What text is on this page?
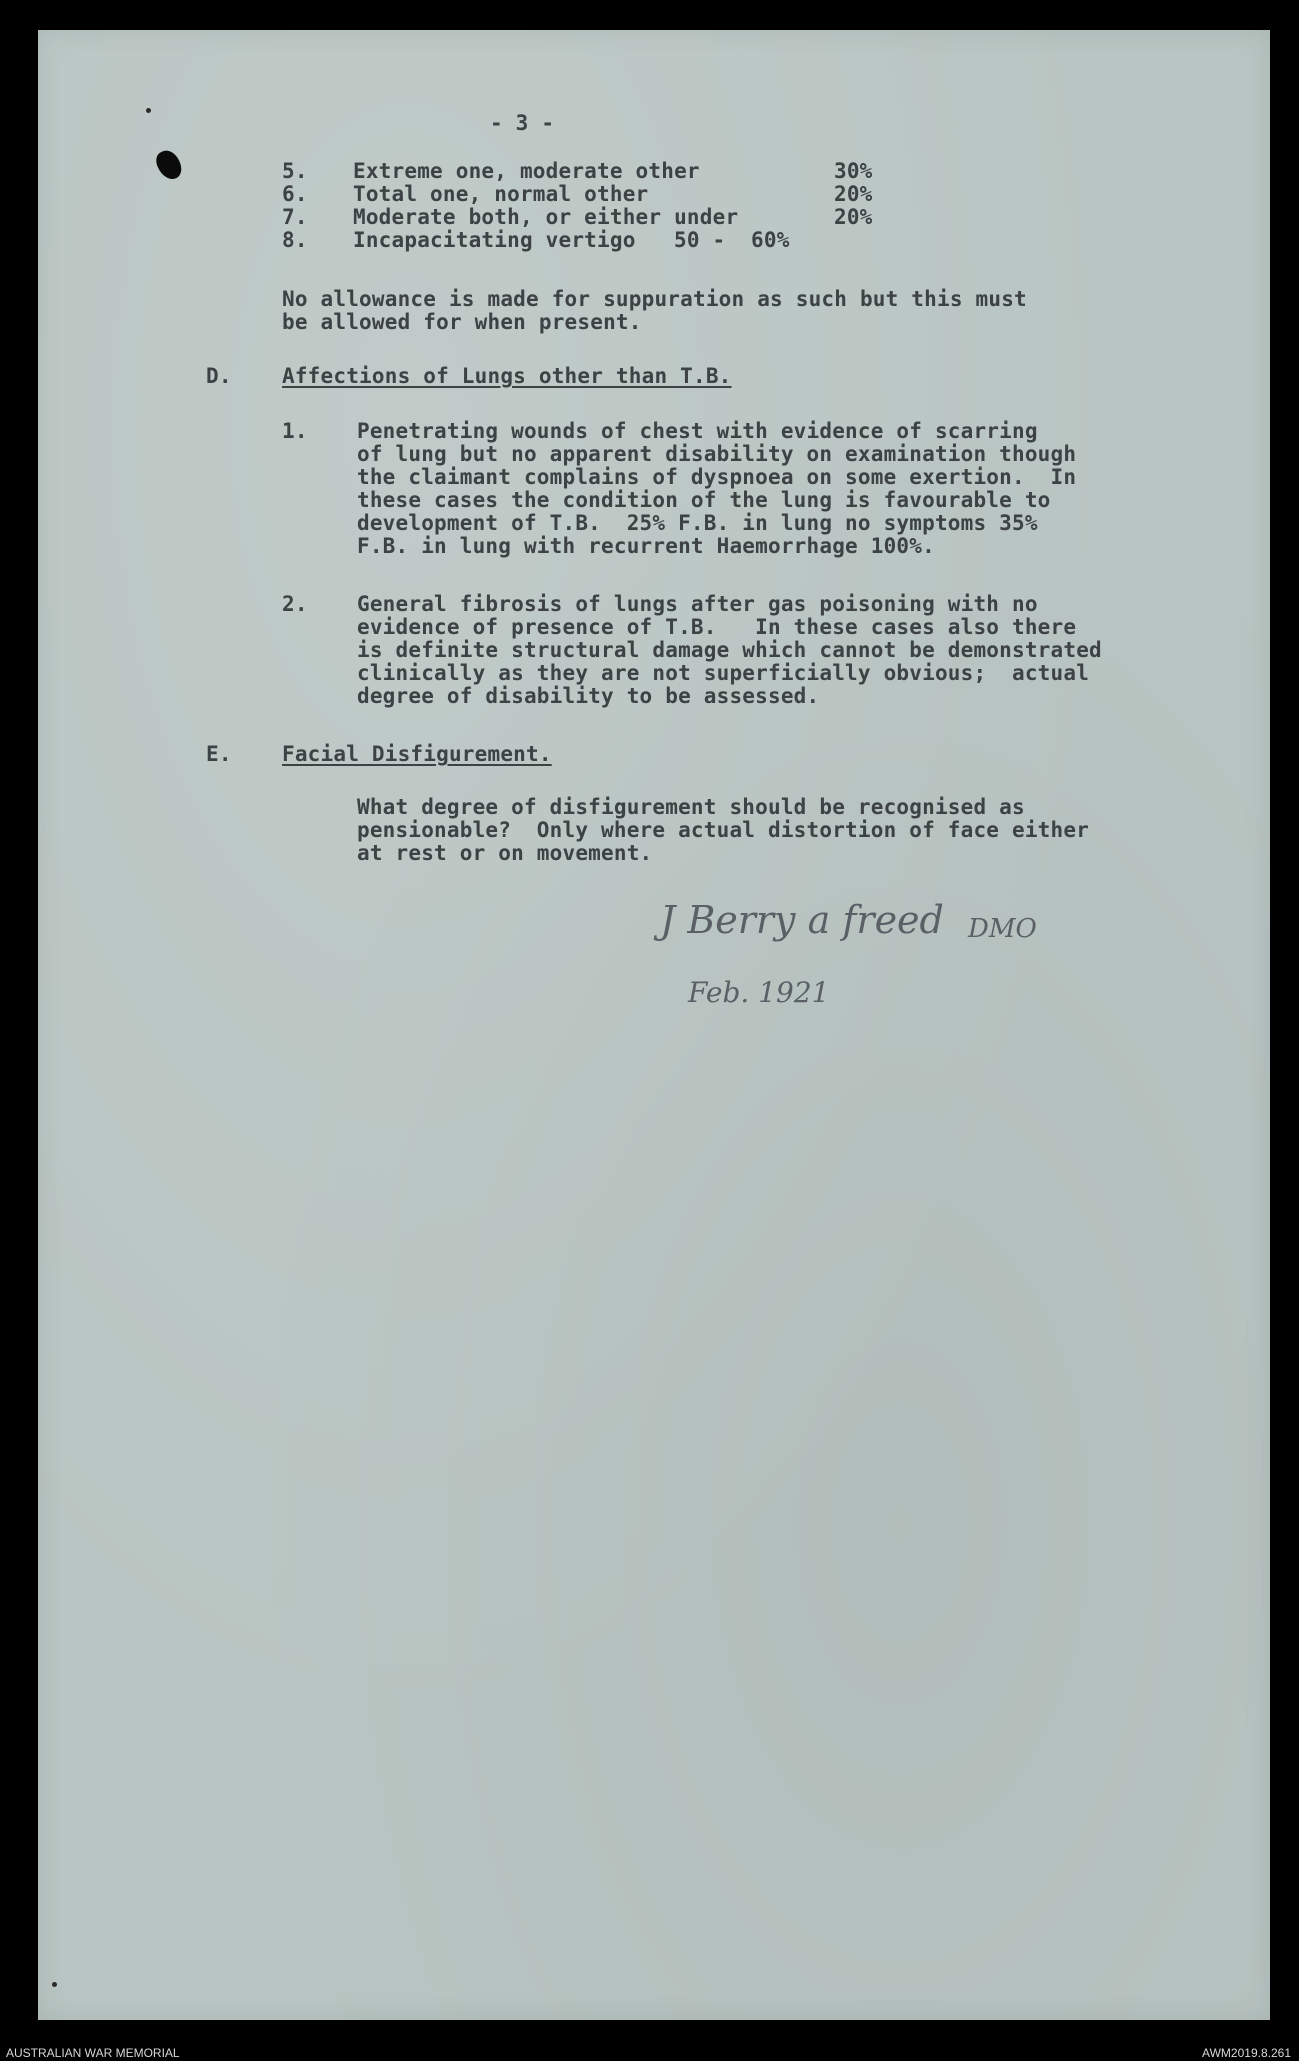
- 3 -
5. Extreme one, moderate other	30%
6. Total one, normal other	20%
7. Moderate both, or either under	20%
8. Incapacitating vertigo 50 -  60%
No allowance is made for suppuration as such but this must
be allowed for when present.
D. Affections of Lungs other than T.B.
1. Penetrating wounds of chest with evidence of scarring
of lung but no apparent disability on examination though
the claimant complains of dyspnoea on some exertion.  In
these cases the condition of the lung is favourable to
development of T.B.  25% F.B. in lung no symptoms 35%
F.B. in lung with recurrent Haemorrhage 100%.
2. General fibrosis of lungs after gas poisoning with no
evidence of presence of T.B.   In these cases also there
is definite structural damage which cannot be demonstrated
clinically as they are not superficially obvious;  actual
degree of disability to be assessed.
E. Facial Disfigurement.
What degree of disfigurement should be recognised as
pensionable?  Only where actual distortion of face either
at rest or on movement.
J Berry a freed DMO
Feb. 1921
AUSTRALIAN WAR MEMORIAL	AWM2019.8.261
